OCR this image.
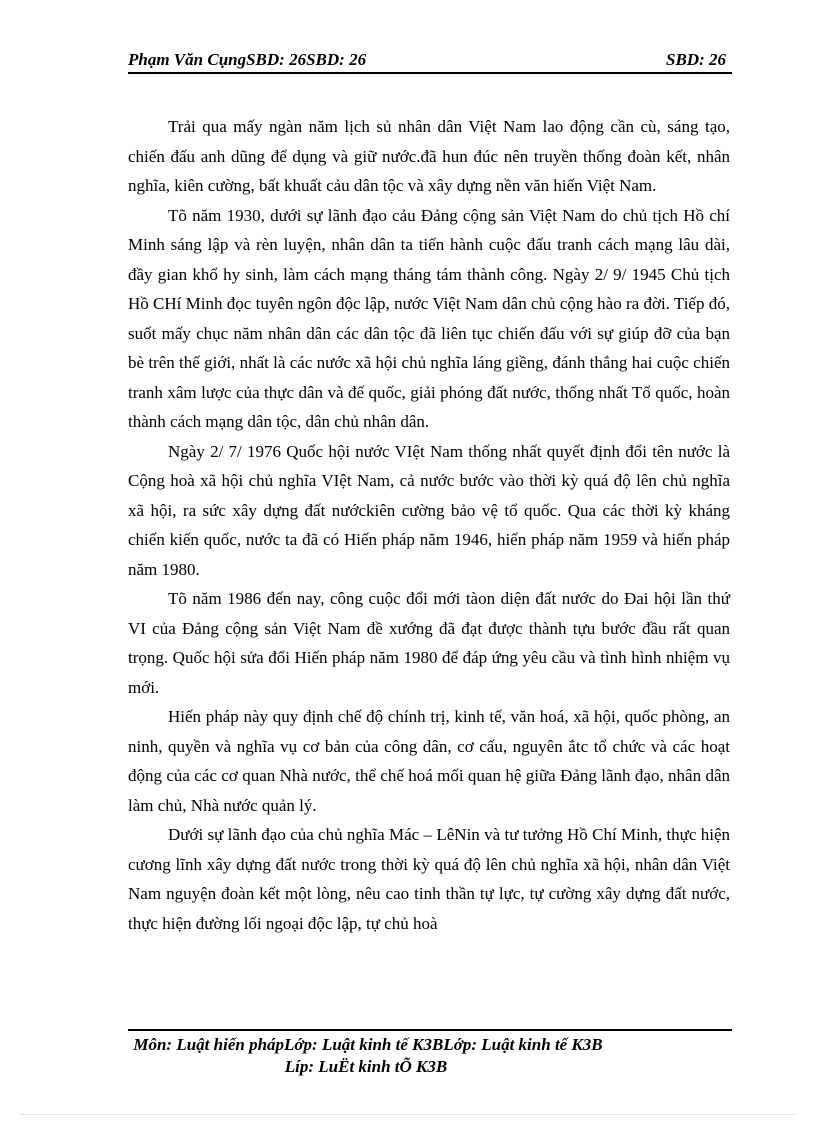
Phạm Văn CụngSBD: 26SBD: 26	SBD: 26

Trải qua mấy ngàn năm lịch sủ nhân dân Việt Nam lao động cần cù, sáng tạo, chiến đấu anh dũng để dụng và giữ nước.đã hun đúc nên truyền thống đoàn kết, nhân nghĩa, kiên cường, bất khuất cảu dân tộc và xây dựng nền văn hiến Việt Nam.

Tõ năm 1930, dưới sự lãnh đạo cảu Đảng cộng sản Việt Nam do chủ tịch Hồ chí Minh sáng lập và rèn luyện, nhân dân ta tiến hành cuộc đấu tranh cách mạng lâu dài, đầy gian khổ hy sinh, làm cách mạng tháng tám thành công. Ngày 2/ 9/ 1945 Chủ tịch Hồ CHí Minh đọc tuyên ngôn độc lập, nước Việt Nam dân chủ cộng hào ra đời. Tiếp đó, suốt mấy chục năm nhân dân các dân tộc đã liên tục chiến đấu với sự giúp đỡ của bạn bè trên thế giới, nhất là các nước xã hội chủ nghĩa láng giềng, đánh thắng hai cuộc chiến tranh xâm lược của thực dân và đế quốc, giải phóng đất nước, thống nhất Tổ quốc, hoàn thành cách mạng dân tộc, dân chủ nhân dân.

Ngày 2/ 7/ 1976 Quốc hội nước VIệt Nam thống nhất quyết định đổi tên nước là Cộng hoà xã hội chủ nghĩa VIệt Nam, cả nước bước vào thời kỳ quá độ lên chủ nghĩa xã hội, ra sức xây dựng đất nướckiên cường bảo vệ tổ quốc. Qua các thời kỳ kháng chiến kiến quốc, nước ta đã có Hiến pháp năm 1946, hiến pháp năm 1959 và hiến pháp năm 1980.

Tõ năm 1986 đến nay, công cuộc đổi mới tàon diện đất nước do Đai hội lần thứ VI của Đảng cộng sản Việt Nam đề xướng đã đạt được thành tựu bước đầu rất quan trọng. Quốc hội sửa đổi Hiến pháp năm 1980 để đáp ứng yêu cầu và tình hình nhiệm vụ mới.

Hiến pháp này quy định chế độ chính trị, kinh tế, văn hoá, xã hội, quốc phòng, an ninh, quyền và nghĩa vụ cơ bản của công dân, cơ cấu, nguyên ắtc tổ chức và các hoạt động của các cơ quan Nhà nước, thể chế hoá mối quan hệ giữa Đảng lãnh đạo, nhân dân làm chủ, Nhà nước quản lý.

Dưới sự lãnh đạo của chủ nghĩa Mác – LêNin và tư tưởng Hồ Chí Minh, thực hiện cương lĩnh xây dựng đất nước trong thời kỳ quá độ lên chủ nghĩa xã hội, nhân dân Việt Nam nguyện đoàn kết một lòng, nêu cao tinh thần tự lực, tự cường xây dựng đất nước, thực hiện đường lối ngoại độc lập, tự chủ hoà

Môn: Luật hiến phápLớp: Luật kinh tế K3BLớp: Luật kinh tế K3B
Líp: LuËt kinh tÕ K3B
